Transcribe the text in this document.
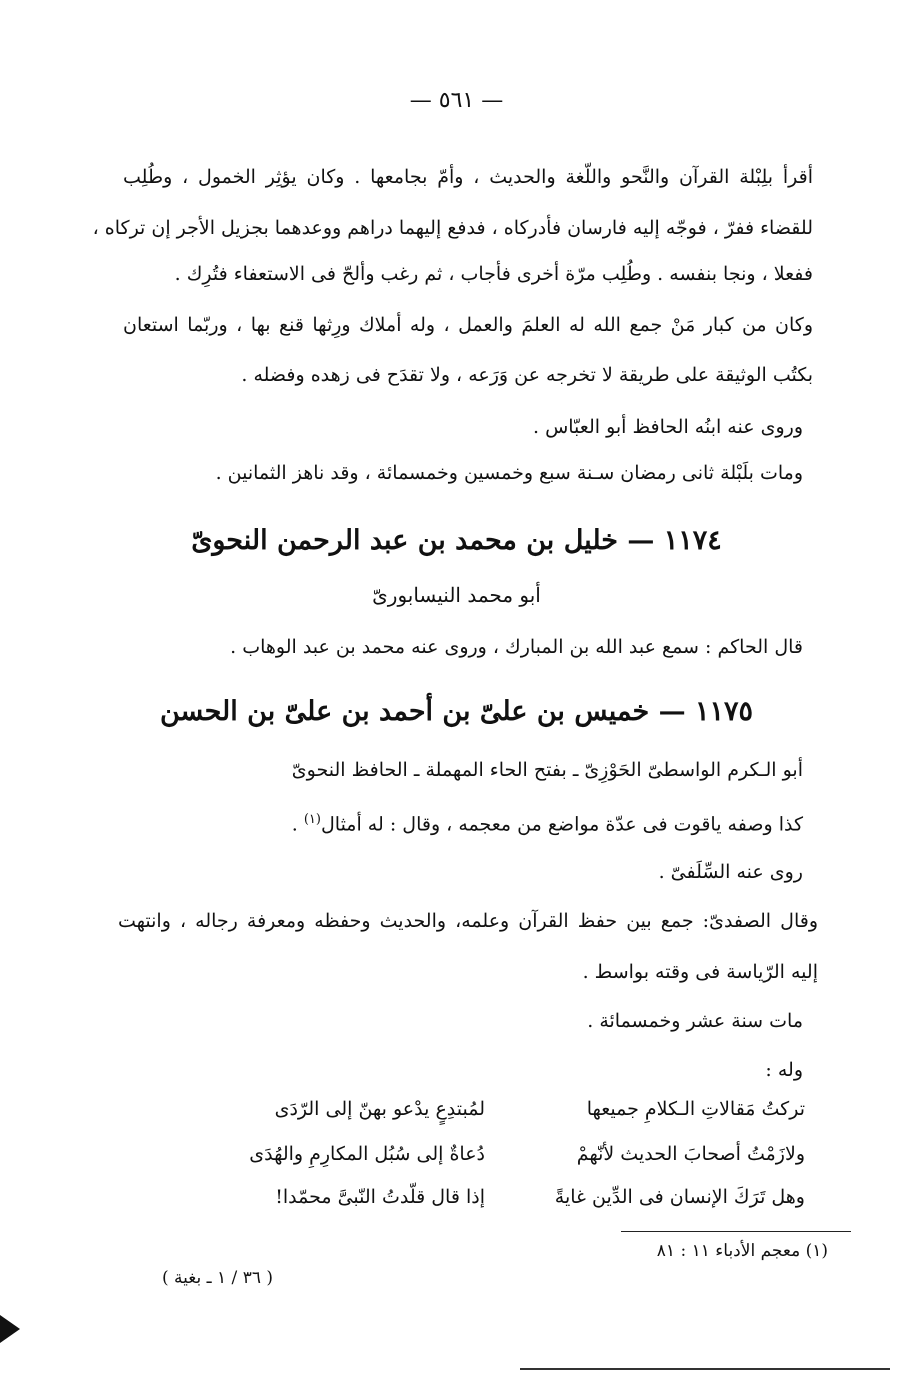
— ٥٦١ —
أقرأ بلِبْلة القرآن والنَّحو واللّغة والحديث ، وأمّ بجامعها . وكان يؤثِر الخمول ، وطُلِب
للقضاء ففرّ ، فوجّه إليه فارسان فأدركاه ، فدفع إليهما دراهم ووعدهما بجزيل الأجر إن تركاه ،
ففعلا ، ونجا بنفسه . وطُلِب مرّة أخرى فأجاب ، ثم رغب وألحّ فى الاستعفاء فتُرِك .
وكان من كبار مَنْ جمع الله له العلمَ والعمل ، وله أملاك ورِثها قنع بها ، وربّما استعان
بكتُب الوثيقة على طريقة لا تخرجه عن وَرَعه ، ولا تقدَح فى زهده وفضله .
وروى عنه ابنُه الحافظ أبو العبّاس .
ومات بلَبْلة ثانى رمضان سـنة سبع وخمسين وخمسمائة ، وقد ناهز الثمانين .
١١٧٤ — خليل بن محمد بن عبد الرحمن النحوىّ
أبو محمد النيسابورىّ
قال الحاكم : سمع عبد الله بن المبارك ، وروى عنه محمد بن عبد الوهاب .
١١٧٥ — خميس بن علىّ بن أحمد بن علىّ بن الحسن
أبو الـكرم الواسطىّ الحَوْزِىّ ـ بفتح الحاء المهملة ـ الحافظ النحوىّ
كذا وصفه ياقوت فى عدّة مواضع من معجمه ، وقال : له أمثال$^{(١)}$ .
روى عنه السِّلَفىّ .
وقال الصفدىّ: جمع بين حفظ القرآن وعلمه، والحديث وحفظه ومعرفة رجاله ، وانتهت
إليه الرّياسة فى وقته بواسط .
مات سنة عشر وخمسمائة .
وله :
تركتُ مَقالاتِ الـكلامِ جميعها
لمُبتدِعٍ يدْعو بهنّ إلى الرّدَى
ولازَمْتُ أصحابَ الحديث لأنّهمْ
دُعاةٌ إلى سُبُل المكارِمِ والهُدَى
وهل تَرَكَ الإنسان فى الدِّين غايةً
إذا قال قلّدتُ النّبىَّ محمّدا!
(١) معجم الأدباء ١١ : ٨١
( ٣٦ / ١ ـ بغية )
